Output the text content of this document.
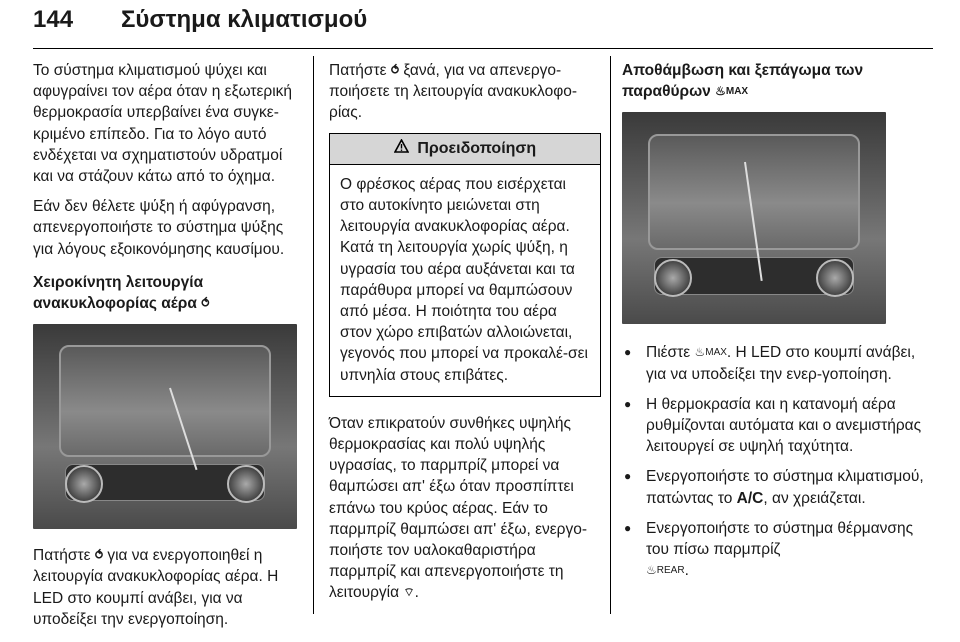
144 Σύστημα κλιματισμού

Το σύστημα κλιματισμού ψύχει και αφυγραίνει τον αέρα όταν η εξωτερική θερμοκρασία υπερβαίνει ένα συγκε-κριμένο επίπεδο. Για το λόγο αυτό ενδέχεται να σχηματιστούν υδρατμοί και να στάζουν κάτω από το όχημα.

Εάν δεν θέλετε ψύξη ή αφύγρανση, απενεργοποιήστε το σύστημα ψύξης για λόγους εξοικονόμησης καυσίμου.

Χειροκίνητη λειτουργία ανακυκλοφορίας αέρα ⥀

Πατήστε ⥀ για να ενεργοποιηθεί η λειτουργία ανακυκλοφορίας αέρα. Η LED στο κουμπί ανάβει, για να υποδείξει την ενεργοποίηση.

Πατήστε ⥀ ξανά, για να απενεργο-ποιήσετε τη λειτουργία ανακυκλοφο-ρίας.

Προειδοποίηση
Ο φρέσκος αέρας που εισέρχεται στο αυτοκίνητο μειώνεται στη λειτουργία ανακυκλοφορίας αέρα. Κατά τη λειτουργία χωρίς ψύξη, η υγρασία του αέρα αυξάνεται και τα παράθυρα μπορεί να θαμπώσουν από μέσα. Η ποιότητα του αέρα στον χώρο επιβατών αλλοιώνεται, γεγονός που μπορεί να προκαλέ-σει υπνηλία στους επιβάτες.

Όταν επικρατούν συνθήκες υψηλής θερμοκρασίας και πολύ υψηλής υγρασίας, το παρμπρίζ μπορεί να θαμπώσει απ' έξω όταν προσπίπτει επάνω του κρύος αέρας. Εάν το παρμπρίζ θαμπώσει απ' έξω, ενεργο-ποιήστε τον υαλοκαθαριστήρα παρμπρίζ και απενεργοποιήστε τη λειτουργία ⌔.

Αποθάμβωση και ξεπάγωμα των παραθύρων ♨MAX

● Πιέστε ♨MAX. Η LED στο κουμπί ανάβει, για να υποδείξει την ενερ-γοποίηση.
● Η θερμοκρασία και η κατανομή αέρα ρυθμίζονται αυτόματα και ο ανεμιστήρας λειτουργεί σε υψηλή ταχύτητα.
● Ενεργοποιήστε το σύστημα κλιματισμού, πατώντας το A/C, αν χρειάζεται.
● Ενεργοποιήστε το σύστημα θέρμανσης του πίσω παρμπρίζ
♨REAR.
